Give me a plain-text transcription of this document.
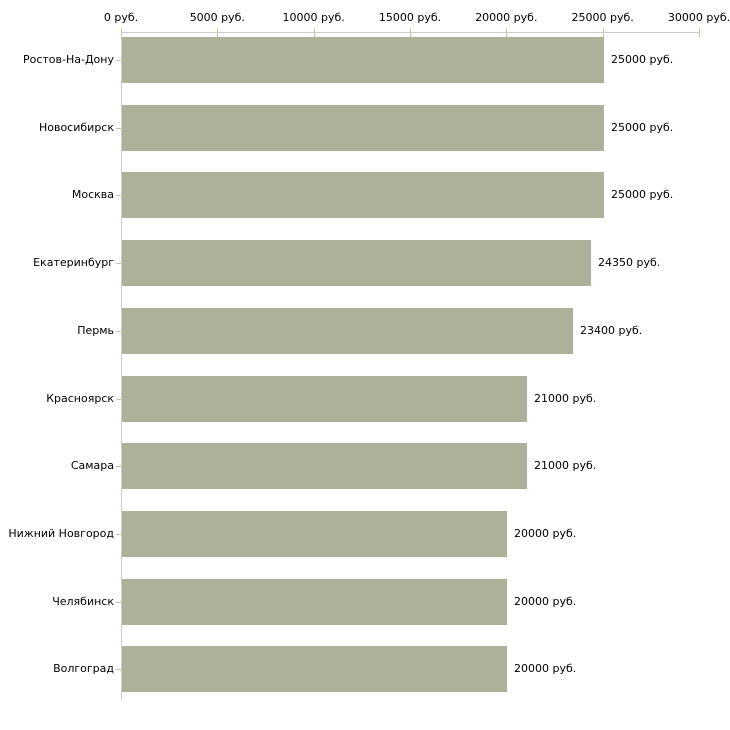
0 руб.	5000 руб.	10000 руб.	15000 руб.	20000 руб.	25000 руб.	30000 руб.
Ростов-На-Дону	25000 руб.
Новосибирск	25000 руб.
Москва	25000 руб.
Екатеринбург	24350 руб.
Пермь	23400 руб.
Красноярск	21000 руб.
Самара	21000 руб.
Нижний Новгород	20000 руб.
Челябинск	20000 руб.
Волгоград	20000 руб.
